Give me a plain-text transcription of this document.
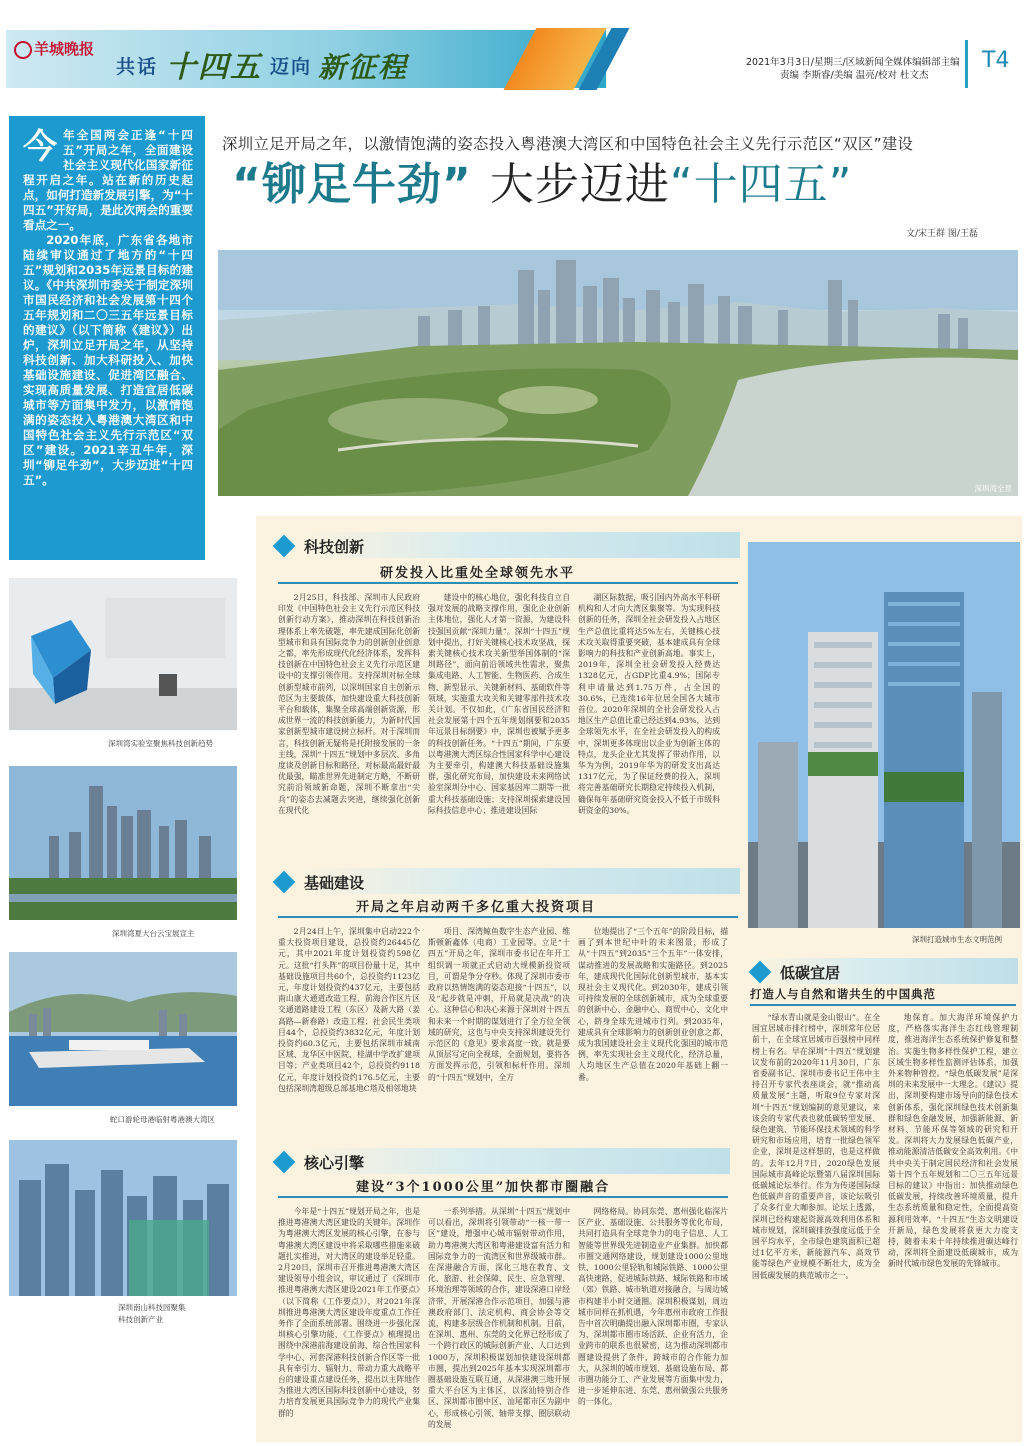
羊城晚报
共话 十四五 迈向 新征程	2021年3月3日/星期三/区域新闻全媒体编辑部主编
责编 李斯睿/美编 温亮/校对 杜文杰
T4

今年全国两会正逢“十四五”开局之年，全面建设社会主义现代化国家新征程开启之年。站在新的历史起点，如何打造新发展引擎，为“十四五”开好局，是此次两会的重要看点之一。

2020年底，广东省各地市陆续审议通过了地方的“十四五”规划和2035年远景目标的建议。《中共深圳市委关于制定深圳市国民经济和社会发展第十四个五年规划和二〇三五年远景目标的建议》（以下简称《建议》）出炉，深圳立足开局之年，从坚持科技创新、加大科研投入、加快基础设施建设、促进湾区融合、实现高质量发展、打造宜居低碳城市等方面集中发力，以激情饱满的姿态投入粤港澳大湾区和中国特色社会主义先行示范区“双区”建设。2021辛丑牛年，深圳“铆足牛劲”，大步迈进“十四五”。

深圳立足开局之年，以激情饱满的姿态投入粤港澳大湾区和中国特色社会主义先行示范区“双区”建设
“铆足牛劲” 大步迈进“十四五”
文/宋王群 图/王磊
深圳湾全景
深圳湾实验室聚焦科技创新趋势
深圳湾夏大台云宝展宣主
蛇口游轮母港临射粤港澳大湾区
深圳南山科技园聚集
科技创新产业
科技创新
研发投入比重处全球领先水平

2月25日，科技部、深圳市人民政府印发《中国特色社会主义先行示范区科技创新行动方案》，推动深圳在科技创新治理体系上率先破题，率先建成国际化创新型城市和具有国际竞争力的创新创业创意之都，率先形成现代化经济体系，发挥科技创新在中国特色社会主义先行示范区建设中的支撑引领作用。支持深圳对标全球创新型城市前列，以深圳国家自主创新示范区为主要载体，加快建设重大科技创新平台和载体，集聚全球高端创新资源，形成世界一流的科技创新能力，为新时代国家创新型城市建设树立标杆。对于深圳而言，科技创新无疑将是托附接发展的一条主线，深圳“十四五”规划中多层次、多角度谈及创新目标和路径，对标最高最好最优最强，瞄准世界先进制定方略，不断研究前沿领域新命题，深圳不断拿出“尖兵”的姿态去减题去突进，继续强化创新在现代化

建设中的核心地位，强化科技自立自强对发展的战略支撑作用，强化企业创新主体地位，强化人才第一资源，为建设科技强国贡献“深圳力量”。深圳“十四五”规划中提出，打好关键核心技术攻坚战，探索关键核心技术攻关新型举国体制的“深圳路径”，面向前沿领域共性需求，聚焦集成电路、人工智能、生物医药、合成生物、新型显示、关键新材料、基础软件等领域，实施重大攻关和关键零部件技术攻关计划。不仅如此，《广东省国民经济和社会发展第十四个五年规划纲要和2035年远景目标纲要》中，深圳也被赋予更多的科技创新任务。“十四五”期间，广东要以粤港澳大湾区综合性国家科学中心建设为主要牵引，构建澳大科技基础设施集群，强化研究布局，加快建设未来网络试验室深圳分中心、国家基因库二期等一批重大科技基础设施；支持深圳探索建设国际科技信息中心；推进建设国际

湖区际数据，吸引国内外高水平科研机构和人才向大湾区集聚等。为实现科技创新的任务，深圳全社会研发投入占地区生产总值比重将达5%左右，关键核心技术攻关取得重要突破，基本建成具有全球影响力的科技和产业创新高地。事实上，2019年，深圳全社会研发投入经费达1328亿元，占GDP比重4.9%；国际专利申请量达到1.75万件，占全国的30.6%，已连续16年位居全国各大城市首位。2020年深圳的全社会研发投入占地区生产总值比重已经达到4.93%，达到全球领先水平，在全社会研发投入的构成中，深圳更多体现出以企业为创新主体的特点，龙头企业尤其发挥了带动作用，以华为为例，2019年华为的研发支出高达1317亿元，为了保证经费的投入，深圳将完善基础研究长期稳定持续投入机制，确保每年基础研究资金投入不低于市级科研资金的30%。

深圳打造城市生态文明范例
基础建设
开局之年启动两千多亿重大投资项目

2月24日上午，深圳集中启动222个重大投资项目建设，总投资约26445亿元，其中2021年度计划投资约598亿元。这批“打头阵”的项目份量十足，其中基础设施项目共60个，总投资约1123亿元，年度计划投资约437亿元，主要包括南山康大通道改造工程、前海合作区片区交通道路建设工程（东区）及新大路（姜高路—新春路）改造工程；社会民生类项目44个，总投资约3832亿元，年度计划投资约60.3亿元，主要包括深圳市城南区域、龙华区中医院、桂湖中学改扩建项目等；产业类项目42个，总投资约9118亿元，年度计划投资约176.5亿元，主要包括深圳湾超级总部基地C塔及相邻地块

项目、深湾鲸鱼数字生态产业园、维斯顿新鑫体（电商）工业园等。立足“十四五”开局之年，深圳市委书记在年开工组织调一项就正式启动大规模新投资项目，可谓是争分夺秒。体现了深圳市委市政府以热情饱满的姿态迎接“十四五”，以及“起步就是冲刺，开局就是决战”的决心。这种信心和决心来源于深圳对十四五和未来一个时期的谋划进行了全方位全领域的研究，这也与中央支持深圳建设先行示范区的《意见》要求高度一致。就是要从顶层写定向全视球，全面规划，要将各方面发挥示范，引领和标杆作用。深圳的“十四五”规划中，全方

位地提出了“三个五年”的阶段目标，描画了到本世纪中叶的未来图景，形成了从“十四五”到2035“三个五年”一体安排，谋动推进的发展战略和实施路径。到2025年，建成现代化国际化创新型城市，基本实现社会主义现代化。到2030年，建成引领可持续发展的全球创新城市，成为全球重要的创新中心、金融中心、商贸中心、文化中心，跻身全球先进城市行列。到2035年，建成具有全球影响力的创新创业创意之都，成为我国建设社会主义现代化强国的城市范例，率先实现社会主义现代化，经济总量，人均地区生产总值在2020年基础上翻一番。

低碳宜居
打造人与自然和谐共生的中国典范

“绿水青山就是金山银山”。在全国宜居城市排行榜中，深圳常年位居前十，在全球宜居城市百强榜中同样榜上有名。早在深圳“十四五”规划建议发布前的2020年11月30日，广东省委副书记、深圳市委书记王伟中主持召开专家代表座谈会，就“推动高质量发展”主题，听取9位专家对深圳“十四五”规划编制的意见建议，来该会的专家代表也就低碳转型发展、绿色建筑、节能环保技术领域的科学研究和市场应用，培育一批绿色领军企业，深圳是这样想的，也是这样做的。去年12月7日，2020绿色发展国际城市高峰论坛暨第八届深圳国际低碳城论坛举行。作为为传递国际绿色低碳声音的重要声音，该论坛吸引了众多行业大咖参加。论坛上透露，深圳已经构建起资源高效利用体系和城市规划，深圳碳排放强度远低于全国平均水平，全市绿色建筑面积已超过1亿平方米，新能源汽车、高效节能等绿色产业规模不断壮大，成为全国低碳发展的典范城市之一。

地保育。加大海洋环境保护力度，严格落实海洋生态红线管理制度，推进海洋生态系统保护修复和整治。实施生物多样性保护工程，建立区域生物多样性监测评估体系，加强外来物种管控。“绿色低碳发展”是深圳的未来发展中一大理念。《建议》提出，深圳要构建市场导向的绿色技术创新体系，强化深圳绿色技术创新集群和绿色金融发展，加强新能源、新材料、节能环保等领域的研究和开发。深圳将大力发展绿色低碳产业，推动能源清洁低碳安全高效利用。《中共中央关于制定国民经济和社会发展第十四个五年规划和二〇三五年远景目标的建议》中指出：加快推动绿色低碳发展，持续改善环境质量，提升生态系统质量和稳定性，全面提高资源利用效率。“十四五”生态文明建设开新局，绿色发展将获更大力度支持，随着未来十年持续推进碳达峰行动，深圳将全面建设低碳城市，成为新时代城市绿色发展的先锋城市。

核心引擎
建设“3个1000公里”加快都市圈融合

今年是“十四五”规划开局之年，也是推进粤港澳大湾区建设的关键年。深圳作为粤港澳大湾区发展的核心引擎，在参与粤港澳大湾区建设中将采取哪些措施来破题扎实推进，对大湾区的建设举足轻重。2月20日，深圳市召开推进粤港澳大湾区建设领导小组会议，审议通过了《深圳市推进粤港澳大湾区建设2021年工作要点》（以下简称《工作要点》），对2021年深圳推进粤港澳大湾区建设年度重点工作任务作了全面系统部署。围绕进一步强化深圳核心引擎功能，《工作要点》梳理提出围绕中深港前海建设前海、综合性国家科学中心、河套深港科技创新合作区等一批具有牵引力、辐射力、带动力重大战略平台的建设重点建设任务，提出以主阵地作为推进大湾区国际科技创新中心建设，努力培育发展更具国际竞争力的现代产业集群的

一系列举措。从深圳“十四五”规划中可以看出，深圳将引领带动“一核一带一区”建设，增强中心城市辐射带动作用，助力粤港澳大湾区和粤港建设富有活力和国际竞争力的一流湾区和世界级城市群。在深港融合方面，深化三地在教育、文化、旅游、社会保障、民生、应急管理、环境治理等领域的合作，建设深港口岸经济带，开展深港合作示范项目，加强与港澳政府部门、法定机构、商会协会等交流，构建多层级合作机制和机制。目前，在深圳、惠州、东莞的文化界已经形成了一个跨行政区的城际创新产业、人口达到1000万，深圳积极谋划加快建设深圳都市圈，提出到2025年基本实现深圳都市圈基础设施互联互通，从深港澳三地开展重大平台区为主体区，以深汕特别合作区、深圳都市圈中区、汕尾都市区为副中心，形成核心引领、轴带支撑、圈层联动的发展

网络格局。协同东莞、惠州强化临深片区产业、基础设施、公共服务等优化布局，共同打造具有全球竞争力的电子信息、人工智能等世界级先进制造业产业集群。加快都市圈交通网络建设，规划建设1000公里地铁、1000公里轻轨和城际铁路、1000公里高快速路，促进城际铁路、城际铁路和市域（郊）铁路、城市轨道对接融合，与周边城市构建半小时交通圈。深圳积极谋划，周边城市同样在抓机遇，今年惠州市政府工作报告中首次明确提出融入深圳都市圈，专家认为，深圳都市圈市场活跃、企业有活力，企业跨市的联系也很紧密，这为推动深圳都市圈建设提供了条件，跨城市的合作能力加大，从深圳的城市规划、基础设施布局、都市圈功能分工、产业发展等方面集中发力，进一步延伸东进、东莞、惠州做强公共服务的一体化。
